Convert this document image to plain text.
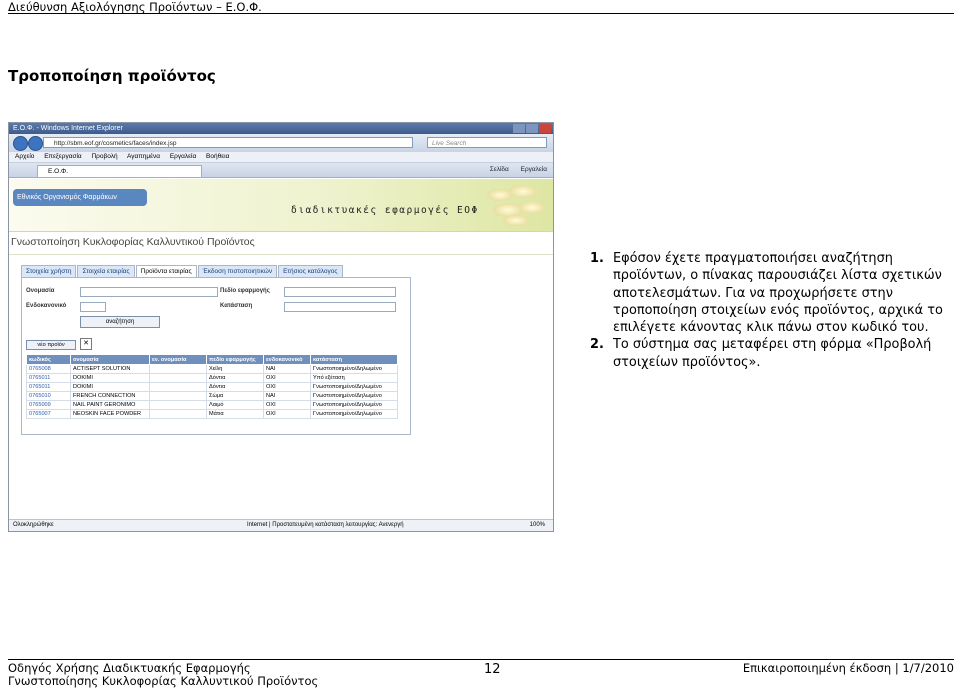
Διεύθυνση Αξιολόγησης Προϊόντων – Ε.Ο.Φ.
Τροποποίηση προϊόντος
Ε.Ο.Φ. - Windows Internet Explorer
http://sbm.eof.gr/cosmetics/faces/index.jsp	Live Search
Αρχείο Επεξεργασία Προβολή Αγαπημένα Εργαλεία Βοήθεια
Ε.Ο.Φ.	Σελίδα Εργαλεία
Εθνικός Οργανισμός Φαρμάκων
διαδικτυακές εφαρμογές ΕΟΦ
Γνωστοποίηση Κυκλοφορίας Καλλυντικού Προϊόντος
Στοιχεία χρήστη	Στοιχεία εταιρίας	Προϊόντα εταιρίας	Έκδοση πιστοποιητικών	Ετήσιος κατάλογος
Ονομασία	Πεδίο εφαρμογής
Ενδοκανονικό	Κατάσταση
αναζήτηση
νέο προϊόν	✕
κωδικός	ονομασία	εν. ονομασία	πεδίο εφαρμογής	ενδοκανονικό	κατάσταση
0765008	ACTISEPT SOLUTION		Χείλη	ΝΑΙ	Γνωστοποιημένο/Δηλωμένο
0765011	DOKIMI		Δόντια	ΟΧΙ	Υπό εξέταση
0765011	DOKIMI		Δόντια	ΟΧΙ	Γνωστοποιημένο/Δηλωμένο
0765010	FRENCH CONNECTION		Σώμα	ΝΑΙ	Γνωστοποιημένο/Δηλωμένο
0765009	NAIL PAINT GERONIMO		Λαιμό	ΟΧΙ	Γνωστοποιημένο/Δηλωμένο
0765007	NEOSKIN FACE POWDER		Μάτια	ΟΧΙ	Γνωστοποιημένο/Δηλωμένο
Ολοκληρώθηκε	Internet | Προστατευμένη κατάσταση λειτουργίας: Ανενεργή	100%
1. Εφόσον έχετε πραγματοποιήσει αναζήτηση προϊόντων, ο πίνακας παρουσιάζει λίστα σχετικών αποτελεσμάτων. Για να προχωρήσετε στην τροποποίηση στοιχείων ενός προϊόντος, αρχικά το επιλέγετε κάνοντας κλικ πάνω στον κωδικό του.
2. Το σύστημα σας μεταφέρει στη φόρμα «Προβολή στοιχείων προϊόντος».
Οδηγός Χρήσης Διαδικτυακής Εφαρμογής
Γνωστοποίησης Κυκλοφορίας Καλλυντικού Προϊόντος
12	Επικαιροποιημένη έκδοση | 1/7/2010
